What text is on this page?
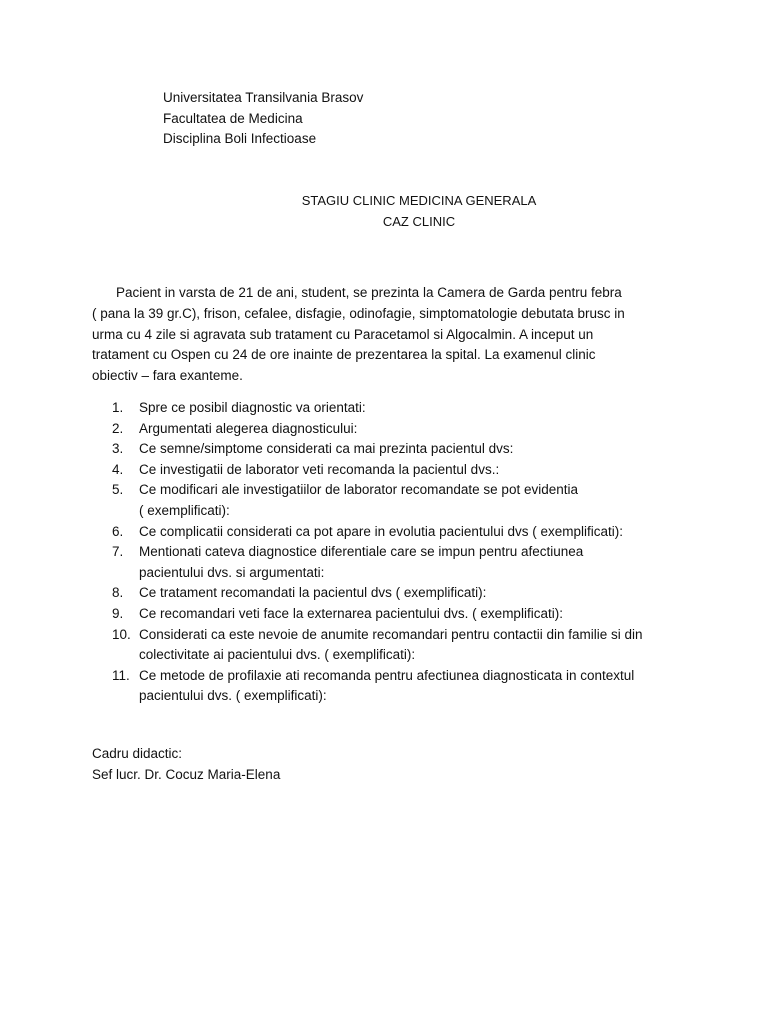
Universitatea Transilvania Brasov
Facultatea de Medicina
Disciplina Boli Infectioase
STAGIU CLINIC MEDICINA GENERALA
CAZ CLINIC
Pacient in varsta de 21 de ani, student, se prezinta la Camera de Garda pentru febra
( pana la 39 gr.C), frison, cefalee, disfagie, odinofagie, simptomatologie debutata brusc in
urma cu 4 zile si agravata sub tratament cu Paracetamol si Algocalmin. A inceput un
tratament cu Ospen cu 24 de ore inainte de prezentarea la spital. La examenul clinic
obiectiv – fara exanteme.
1.	Spre ce posibil diagnostic va orientati:
2.	Argumentati alegerea diagnosticului:
3.	Ce semne/simptome considerati ca mai prezinta pacientul dvs:
4.	Ce investigatii de laborator veti recomanda la pacientul dvs.:
5.	Ce modificari ale investigatiilor de laborator recomandate se pot evidentia
( exemplificati):
6.	Ce complicatii considerati ca pot apare in evolutia pacientului dvs ( exemplificati):
7.	Mentionati cateva diagnostice diferentiale care se impun pentru afectiunea
pacientului dvs. si argumentati:
8.	Ce tratament recomandati la pacientul dvs ( exemplificati):
9.	Ce recomandari veti face la externarea pacientului dvs. ( exemplificati):
10. Considerati ca este nevoie de anumite recomandari pentru contactii din familie si din
colectivitate ai pacientului dvs. ( exemplificati):
11. Ce metode de profilaxie ati recomanda pentru afectiunea diagnosticata in contextul
pacientului dvs. ( exemplificati):
Cadru didactic:
Sef lucr. Dr. Cocuz Maria-Elena
